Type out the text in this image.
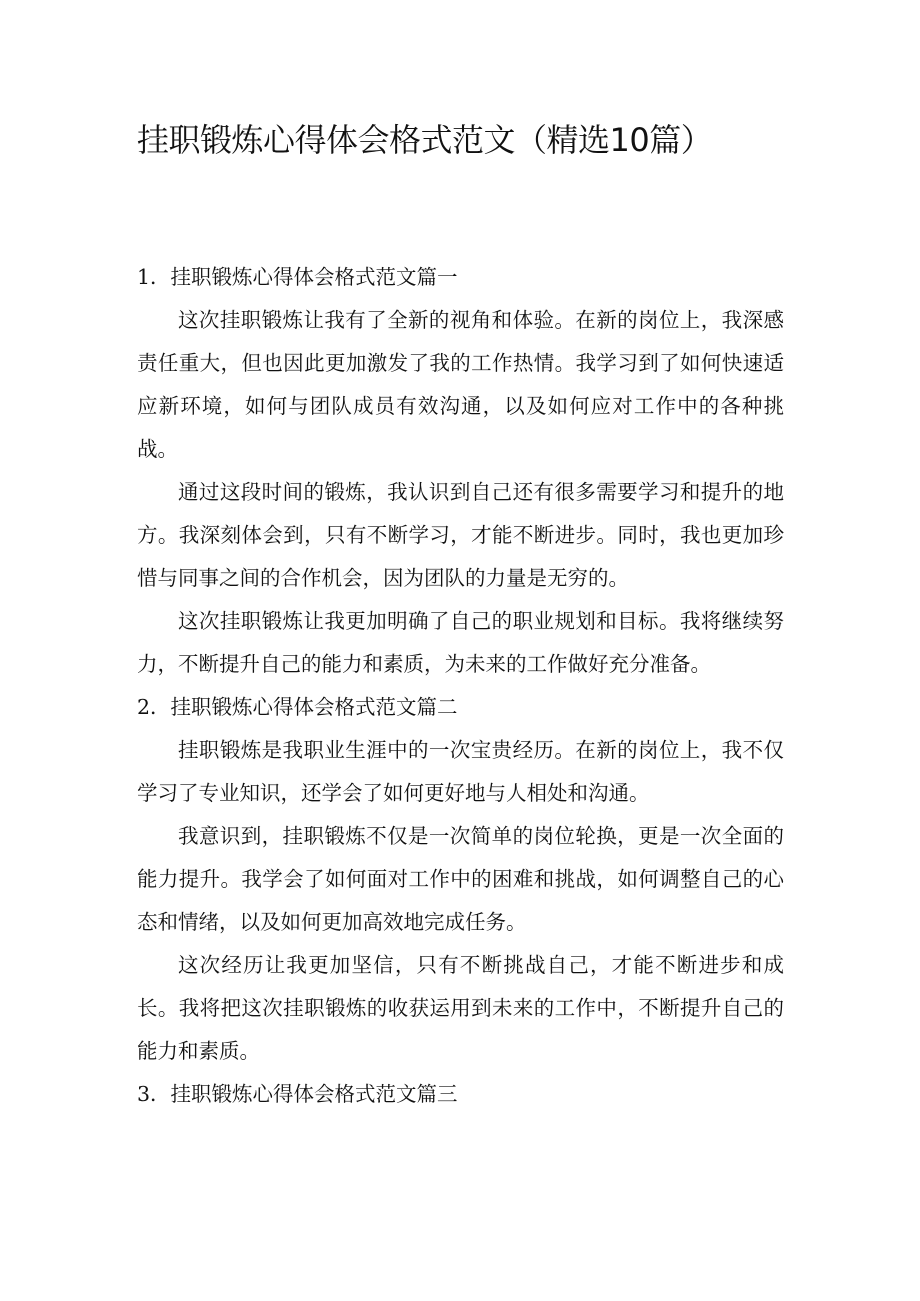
挂职锻炼心得体会格式范文（精选10篇）
1．挂职锻炼心得体会格式范文篇一

这次挂职锻炼让我有了全新的视角和体验。在新的岗位上，我深感责任重大，但也因此更加激发了我的工作热情。我学习到了如何快速适应新环境，如何与团队成员有效沟通，以及如何应对工作中的各种挑战。

通过这段时间的锻炼，我认识到自己还有很多需要学习和提升的地方。我深刻体会到，只有不断学习，才能不断进步。同时，我也更加珍惜与同事之间的合作机会，因为团队的力量是无穷的。

这次挂职锻炼让我更加明确了自己的职业规划和目标。我将继续努力，不断提升自己的能力和素质，为未来的工作做好充分准备。

2．挂职锻炼心得体会格式范文篇二

挂职锻炼是我职业生涯中的一次宝贵经历。在新的岗位上，我不仅学习了专业知识，还学会了如何更好地与人相处和沟通。

我意识到，挂职锻炼不仅是一次简单的岗位轮换，更是一次全面的能力提升。我学会了如何面对工作中的困难和挑战，如何调整自己的心态和情绪，以及如何更加高效地完成任务。

这次经历让我更加坚信，只有不断挑战自己，才能不断进步和成长。我将把这次挂职锻炼的收获运用到未来的工作中，不断提升自己的能力和素质。

3．挂职锻炼心得体会格式范文篇三
